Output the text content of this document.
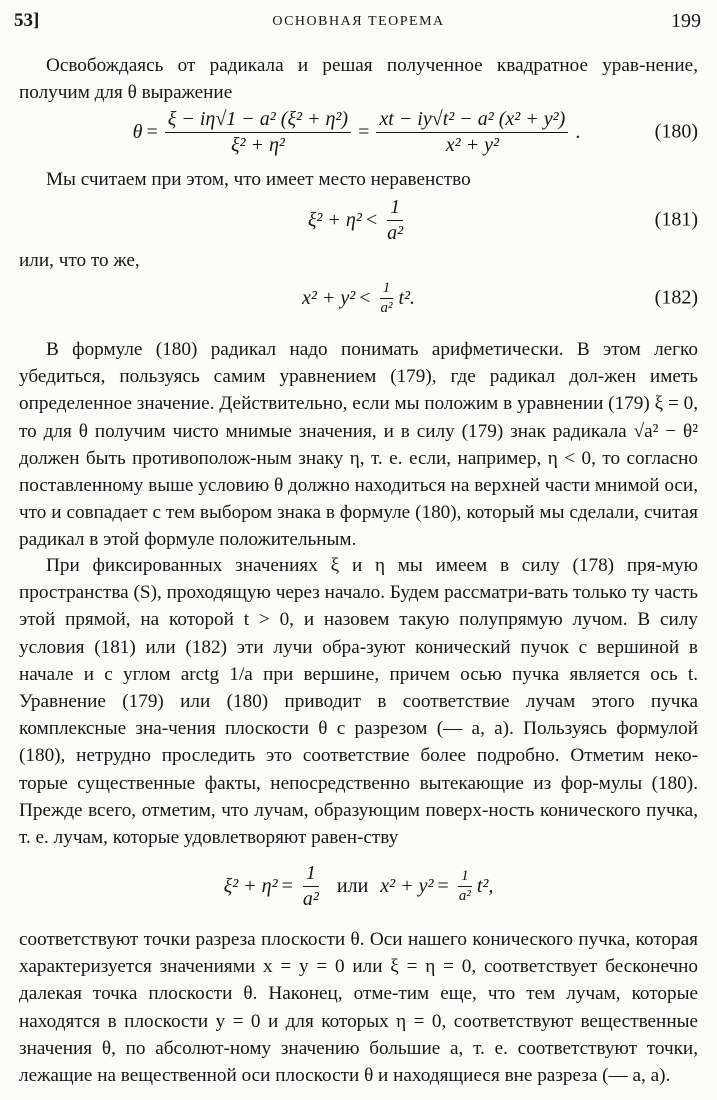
53]	ОСНОВНАЯ ТЕОРЕМА	199
Освобождаясь от радикала и решая полученное квадратное урав-нение, получим для θ выражение
$\theta = \frac{\text{ξ − iη√1 − a² (ξ² + η²)}}{\text{ξ² + η²}} = \frac{\text{xt − iy√t² − a² (x² + y²)}}{\text{x² + y²}}$ .	(180)
Мы считаем при этом, что имеет место неравенство
$\xi^2 + \eta^2 < \frac{1}{\text{a²}}$	(181)
или, что то же,
$x^2 + y^2 < \frac{1}{\text{a²}} t^2$.	(182)
В формуле (180) радикал надо понимать арифметически. В этом легко убедиться, пользуясь самим уравнением (179), где радикал дол-жен иметь определенное значение. Действительно, если мы положим в уравнении (179) ξ = 0, то для θ получим чисто мнимые значения, и в силу (179) знак радикала √a² − θ² должен быть противополож-ным знаку η, т. е. если, например, η < 0, то согласно поставленному выше условию θ должно находиться на верхней части мнимой оси, что и совпадает с тем выбором знака в формуле (180), который мы сделали, считая радикал в этой формуле положительным.
При фиксированных значениях ξ и η мы имеем в силу (178) пря-мую пространства (S), проходящую через начало. Будем рассматри-вать только ту часть этой прямой, на которой t > 0, и назовем такую полупрямую лучом. В силу условия (181) или (182) эти лучи обра-зуют конический пучок с вершиной в начале и с углом arctg 1/a при вершине, причем осью пучка является ось t. Уравнение (179) или (180) приводит в соответствие лучам этого пучка комплексные зна-чения плоскости θ с разрезом (— a, a). Пользуясь формулой (180), нетрудно проследить это соответствие более подробно. Отметим неко-торые существенные факты, непосредственно вытекающие из фор-мулы (180). Прежде всего, отметим, что лучам, образующим поверх-ность конического пучка, т. е. лучам, которые удовлетворяют равен-ству
$\xi^2 + \eta^2 = \frac{1}{\text{a²}}$ или $x^2 + y^2 = \frac{1}{\text{a²}} t^2$,
соответствуют точки разреза плоскости θ. Оси нашего конического пучка, которая характеризуется значениями x = y = 0 или ξ = η = 0, соответствует бесконечно далекая точка плоскости θ. Наконец, отме-тим еще, что тем лучам, которые находятся в плоскости y = 0 и для которых η = 0, соответствуют вещественные значения θ, по абсолют-ному значению большие a, т. е. соответствуют точки, лежащие на вещественной оси плоскости θ и находящиеся вне разреза (— a, a).
